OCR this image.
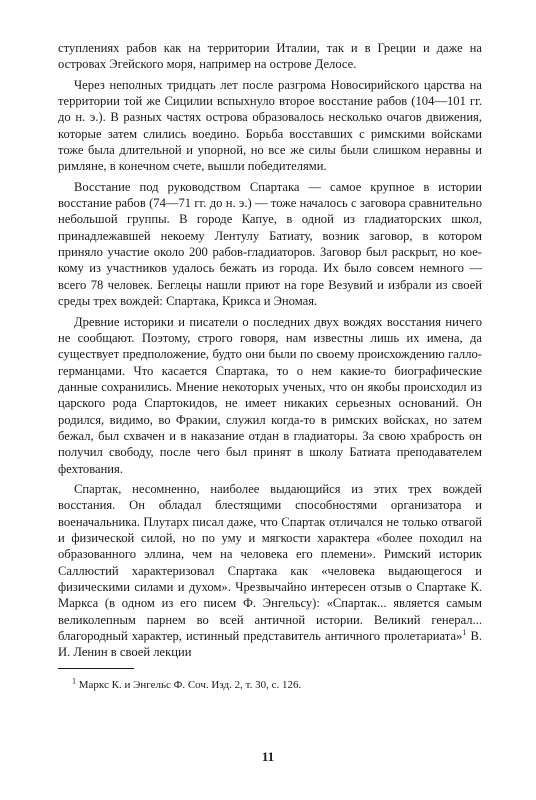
ступлениях рабов как на территории Италии, так и в Греции и даже на островах Эгейского моря, например на острове Делосе.

Через неполных тридцать лет после разгрома Новосирийского царства на территории той же Сицилии вспыхнуло второе восстание рабов (104—101 гг. до н. э.). В разных частях острова образовалось несколько очагов движения, которые затем слились воедино. Борьба восставших с римскими войсками тоже была длительной и упорной, но все же силы были слишком неравны и римляне, в конечном счете, вышли победителями.

Восстание под руководством Спартака — самое крупное в истории восстание рабов (74—71 гг. до н. э.) — тоже началось с заговора сравнительно небольшой группы. В городе Капуе, в одной из гладиаторских школ, принадлежавшей некоему Лентулу Батиату, возник заговор, в котором приняло участие около 200 рабов-гладиаторов. Заговор был раскрыт, но кое-кому из участников удалось бежать из города. Их было совсем немного — всего 78 человек. Беглецы нашли приют на горе Везувий и избрали из своей среды трех вождей: Спартака, Крикса и Эномая.

Древние историки и писатели о последних двух вождях восстания ничего не сообщают. Поэтому, строго говоря, нам известны лишь их имена, да существует предположение, будто они были по своему происхождению галло-германцами. Что касается Спартака, то о нем какие-то биографические данные сохранились. Мнение некоторых ученых, что он якобы происходил из царского рода Спартокидов, не имеет никаких серьезных оснований. Он родился, видимо, во Фракии, служил когда-то в римских войсках, но затем бежал, был схвачен и в наказание отдан в гладиаторы. За свою храбрость он получил свободу, после чего был принят в школу Батиата преподавателем фехтования.

Спартак, несомненно, наиболее выдающийся из этих трех вождей восстания. Он обладал блестящими способностями организатора и военачальника. Плутарх писал даже, что Спартак отличался не только отвагой и физической силой, но по уму и мягкости характера «более походил на образованного эллина, чем на человека его племени». Римский историк Саллюстий характеризовал Спартака как «человека выдающегося и физическими силами и духом». Чрезвычайно интересен отзыв о Спартаке К. Маркса (в одном из его писем Ф. Энгельсу): «Спартак... является самым великолепным парнем во всей античной истории. Великий генерал... благородный характер, истинный представитель античного пролетариата»$^1$ В. И. Ленин в своей лекции

$^1$ Маркс К. и Энгельс Ф. Соч. Изд. 2, т. 30, с. 126.

11
